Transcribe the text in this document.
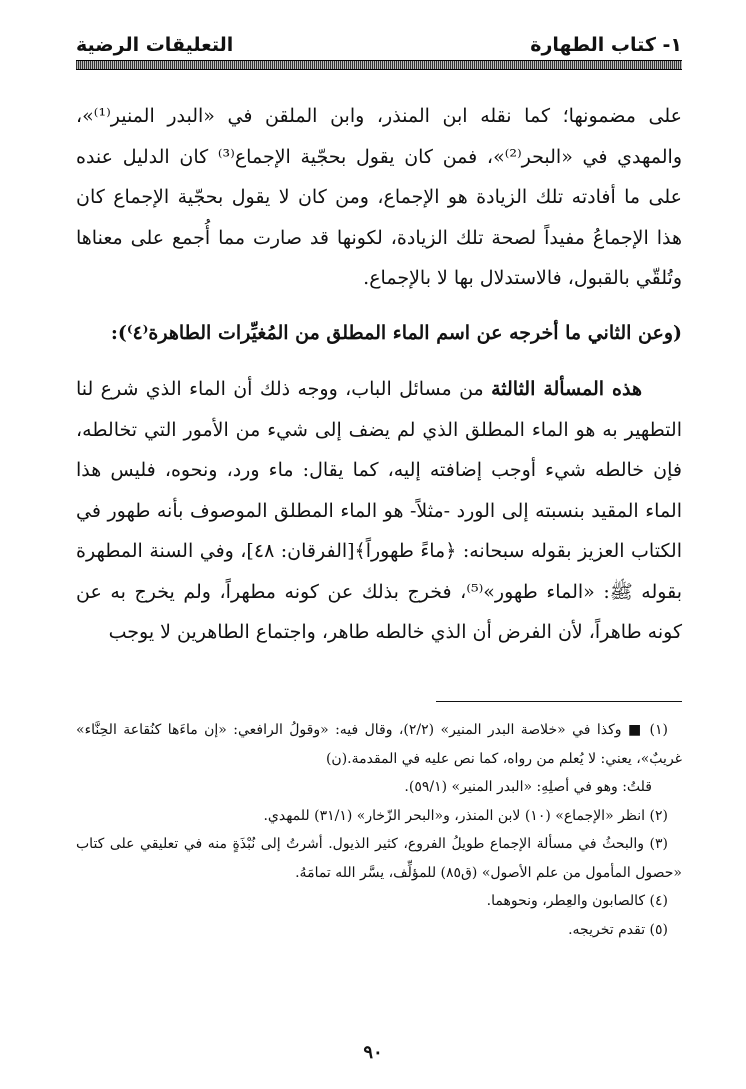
١- كتاب الطهارة
التعليقات الرضية

على مضمونها؛ كما نقله ابن المنذر، وابن الملقن في «البدر المنير⁽¹⁾»، والمهدي في «البحر⁽²⁾»، فمن كان يقول بحجّية الإجماع⁽³⁾ كان الدليل عنده على ما أفادته تلك الزيادة هو الإجماع، ومن كان لا يقول بحجّية الإجماع كان هذا الإجماعُ مفيداً لصحة تلك الزيادة، لكونها قد صارت مما أُجمع على معناها وتُلقّي بالقبول، فالاستدلال بها لا بالإجماع.

(وعن الثاني ما أخرجه عن اسم الماء المطلق من المُغيِّرات الطاهرة⁽٤⁾):

هذه المسألة الثالثة من مسائل الباب، ووجه ذلك أن الماء الذي شرع لنا التطهير به هو الماء المطلق الذي لم يضف إلى شيء من الأمور التي تخالطه، فإن خالطه شيء أوجب إضافته إليه، كما يقال: ماء ورد، ونحوه، فليس هذا الماء المقيد بنسبته إلى الورد -مثلاً- هو الماء المطلق الموصوف بأنه طهور في الكتاب العزيز بقوله سبحانه: ﴿ماءً طهوراً﴾[الفرقان: ٤٨]، وفي السنة المطهرة بقوله ﷺ: «الماء طهور»⁽⁵⁾، فخرج بذلك عن كونه مطهراً، ولم يخرج به عن كونه طاهراً، لأن الفرض أن الذي خالطه طاهر، واجتماع الطاهرين لا يوجب

(١) ■ وكذا في «خلاصة البدر المنير» (٢/٢)، وقال فيه: «وقولُ الرافعي: «إن ماءَها كنُقاعة الحِنَّاء» غريبٌ»، يعني: لا يُعلم من رواه، كما نص عليه في المقدمة.(ن)

قلتُ: وهو في أصلِهِ: «البدر المنير» (٥٩/١).

(٢) انظر «الإجماع» (١٠) لابن المنذر، و«البحر الزّخار» (٣١/١) للمهدي.

(٣) والبحثُ في مسألة الإجماع طويلُ الفروع، كثير الذيول. أشرتُ إلى نُبْذَةٍ منه في تعليقي على كتاب «حصول المأمول من علم الأصول» (ق٨٥) للمؤلِّف، يسَّر الله تمامَهُ.

(٤) كالصابون والعِطر، ونحوهما.

(٥) تقدم تخريجه.

٩٠
